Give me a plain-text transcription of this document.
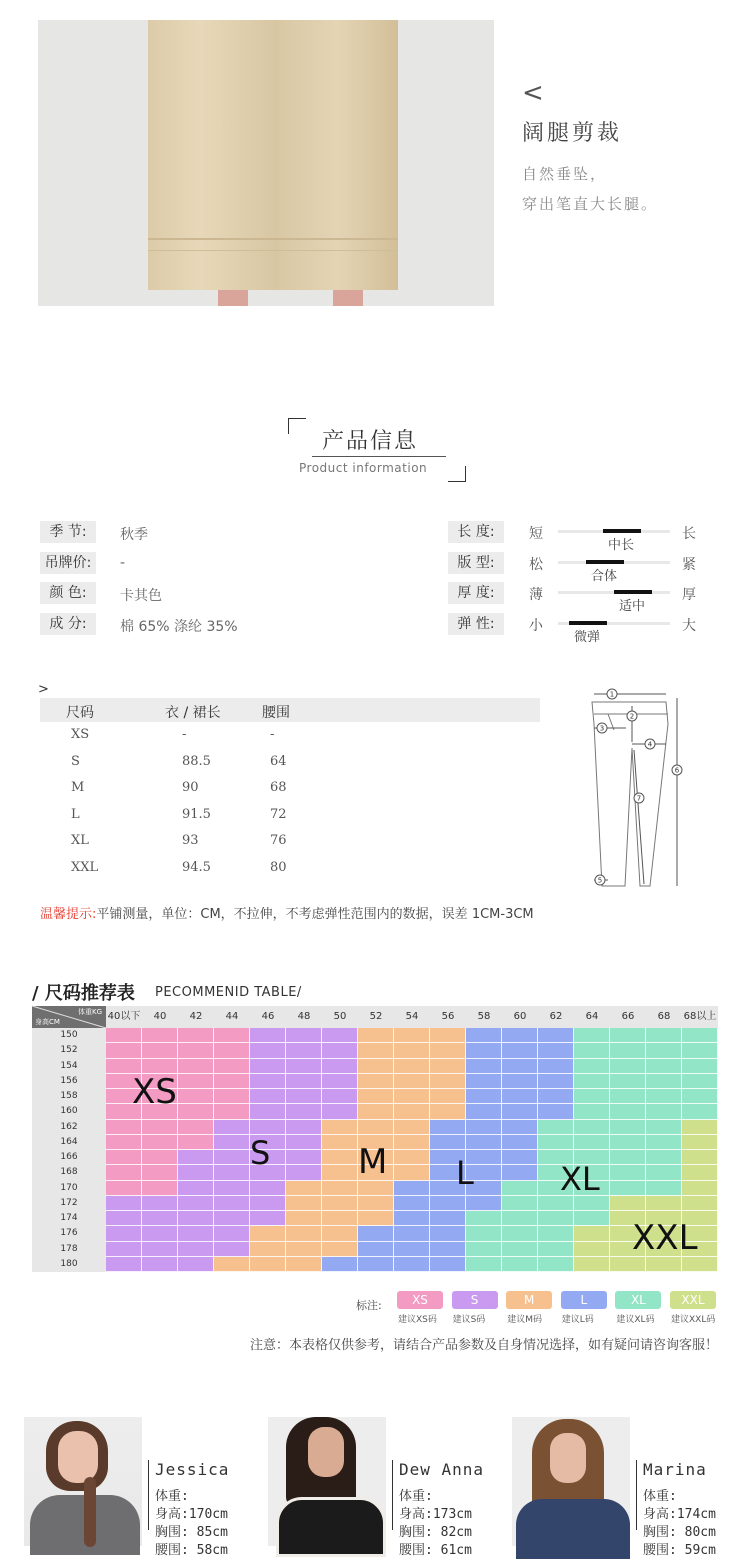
<
阔腿剪裁
自然垂坠，
穿出笔直大长腿。
产品信息
Product information
季 节:	秋季
吊牌价:	-
颜 色:	卡其色
成 分:	棉 65% 涤纶 35%
长 度:	短
中长
长
版 型:	松
合体
紧
厚 度:	薄
适中
厚
弹 性:	小
微弹
大
>
尺码	衣 / 裙长	腰围
XS	-	-
S	88.5	64
M	90	68
L	91.5	72
XL	93	76
XXL	94.5	80
1
2
3
4
5
6
7
温馨提示:平铺测量，单位：CM，不拉伸，不考虑弹性范围内的数据，误差 1CM-3CM
/ 尺码推荐表 PECOMMENID TABLE/
体重KG
身高CM	40以下	40	42	44	46	48	50	52	54	56	58	60	62	64	66	68	68以上
150
152
154
156
158
160
162
164
166
168
170
172
174
176
178
180
XS
S	M L	XL
XXL
标注:	XS
建议XS码
S
建议S码
M
建议M码
L
建议L码
XL
建议XL码
XXL
建议XXL码
注意：本表格仅供参考，请结合产品参数及自身情况选择，如有疑问请咨询客服！
Jessica
体重:
身高:170cm
胸围: 85cm
腰围: 58cm
Dew Anna
体重:
身高:173cm
胸围: 82cm
腰围: 61cm
Marina
体重:
身高:174cm
胸围: 80cm
腰围: 59cm
